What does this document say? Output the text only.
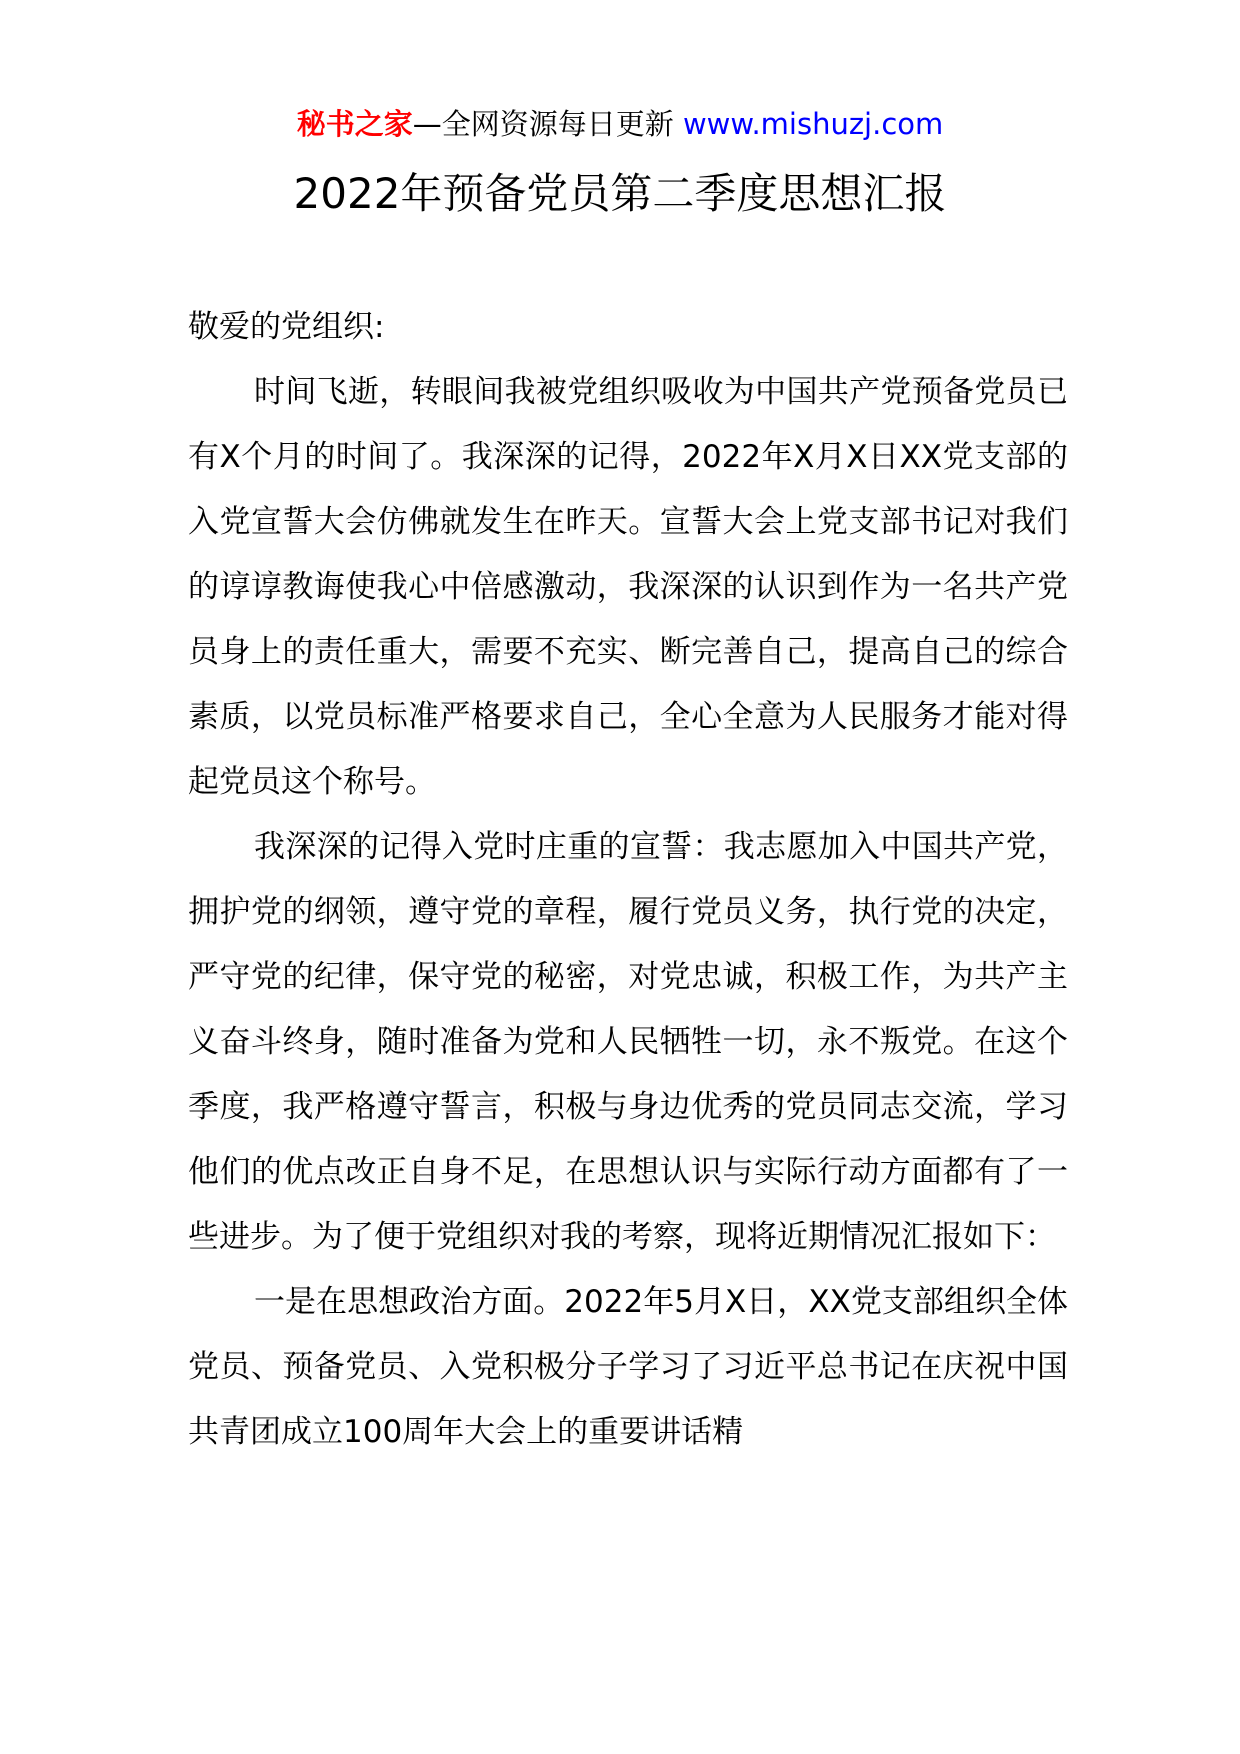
秘书之家—全网资源每日更新 www.mishuzj.com
2022年预备党员第二季度思想汇报

敬爱的党组织:

时间飞逝，转眼间我被党组织吸收为中国共产党预备党员已有X个月的时间了。我深深的记得，2022年X月X日XX党支部的入党宣誓大会仿佛就发生在昨天。宣誓大会上党支部书记对我们的谆谆教诲使我心中倍感激动，我深深的认识到作为一名共产党员身上的责任重大，需要不充实、断完善自己，提高自己的综合素质，以党员标准严格要求自己，全心全意为人民服务才能对得起党员这个称号。

我深深的记得入党时庄重的宣誓：我志愿加入中国共产党，拥护党的纲领，遵守党的章程，履行党员义务，执行党的决定，严守党的纪律，保守党的秘密，对党忠诚，积极工作，为共产主义奋斗终身，随时准备为党和人民牺牲一切，永不叛党。在这个季度，我严格遵守誓言，积极与身边优秀的党员同志交流，学习他们的优点改正自身不足，在思想认识与实际行动方面都有了一些进步。为了便于党组织对我的考察，现将近期情况汇报如下：

一是在思想政治方面。2022年5月X日，XX党支部组织全体党员、预备党员、入党积极分子学习了习近平总书记在庆祝中国共青团成立100周年大会上的重要讲话精
